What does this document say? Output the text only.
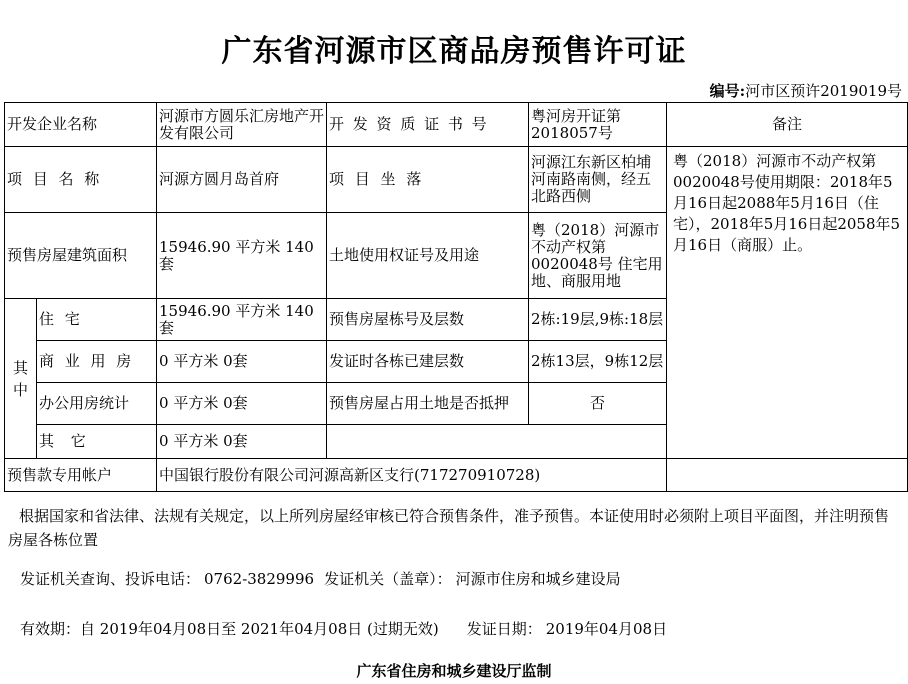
广东省河源市区商品房预售许可证
编号:河市区预许2019019号
开发企业名称		河源市方圆乐汇房地产开发有限公司	开 发 资 质 证 书 号	粤河房开证第2018057号	备注
项 目 名 称		河源方圆月岛首府	项 目 坐 落	河源江东新区柏埔河南路南侧，经五北路西侧	粤（2018）河源市不动产权第0020048号使用期限：2018年5月16日起2088年5月16日（住宅），2018年5月16日起2058年5月16日（商服）止。
预售房屋建筑面积		15946.90 平方米 140套	土地使用权证号及用途	粤（2018）河源市不动产权第0020048号 住宅用地、商服用地	
其中	住 宅	15946.90 平方米 140套	预售房屋栋号及层数	2栋:19层,9栋:18层	
	商 业 用 房	0 平方米 0套	发证时各栋已建层数	2栋13层，9栋12层	
	办公用房统计	0 平方米 0套	预售房屋占用土地是否抵押	否	
	其 它	0 平方米 0套			
预售款专用帐户		中国银行股份有限公司河源高新区支行(717270910728)			
根据国家和省法律、法规有关规定，以上所列房屋经审核已符合预售条件，准予预售。本证使用时必须附上项目平面图，并注明预售房屋各栋位置
发证机关查询、投诉电话： 0762-3829996 发证机关（盖章）： 河源市住房和城乡建设局
有效期：自 2019年04月08日至 2021年04月08日 (过期无效) 发证日期： 2019年04月08日
广东省住房和城乡建设厅监制
